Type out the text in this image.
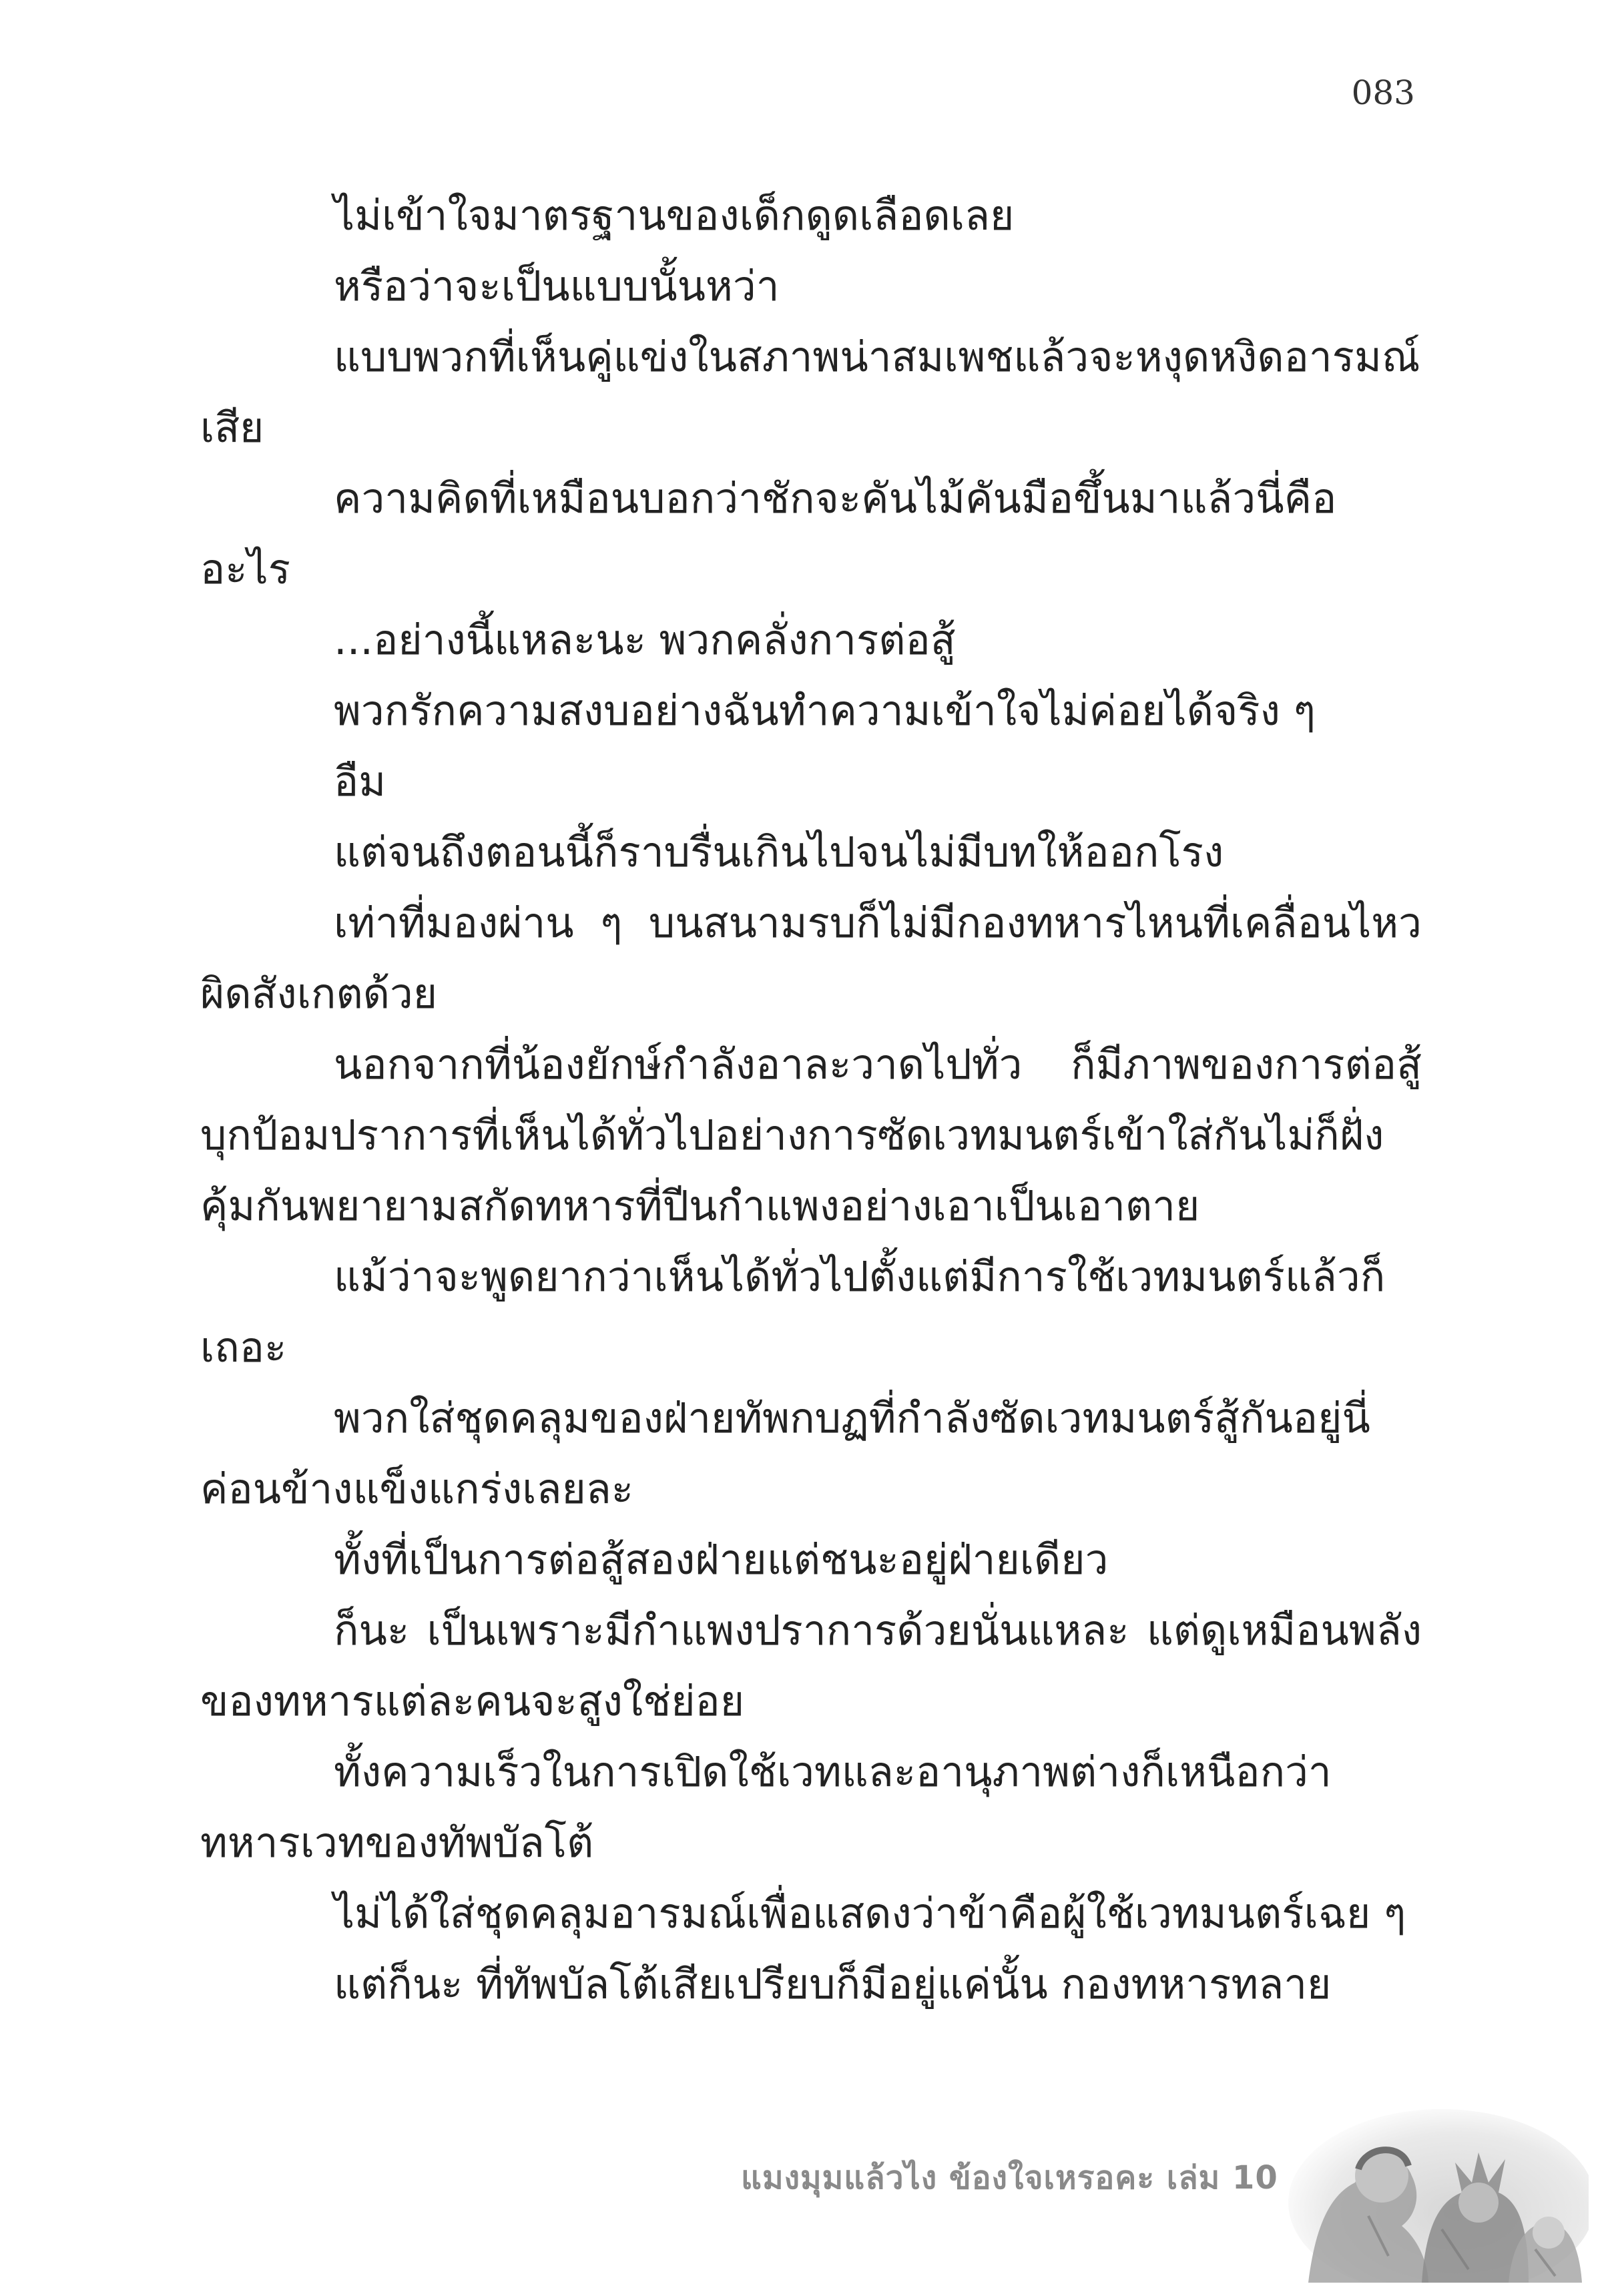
083

ไม่เข้าใจมาตรฐานของเด็กดูดเลือดเลย

หรือว่าจะเป็นแบบนั้นหว่า

แบบพวกที่เห็นคู่แข่งในสภาพน่าสมเพชแล้วจะหงุดหงิดอารมณ์เสีย

ความคิดที่เหมือนบอกว่าชักจะคันไม้คันมือขึ้นมาแล้วนี่คืออะไร

...อย่างนี้แหละนะ พวกคลั่งการต่อสู้

พวกรักความสงบอย่างฉันทำความเข้าใจไม่ค่อยได้จริง ๆ

อืม

แต่จนถึงตอนนี้ก็ราบรื่นเกินไปจนไม่มีบทให้ออกโรง

เท่าที่มองผ่าน ๆ บนสนามรบก็ไม่มีกองทหารไหนที่เคลื่อนไหวผิดสังเกตด้วย

นอกจากที่น้องยักษ์กำลังอาละวาดไปทั่ว ก็มีภาพของการต่อสู้บุกป้อมปราการที่เห็นได้ทั่วไปอย่างการซัดเวทมนตร์เข้าใส่กันไม่ก็ฝั่งคุ้มกันพยายามสกัดทหารที่ปีนกำแพงอย่างเอาเป็นเอาตาย

แม้ว่าจะพูดยากว่าเห็นได้ทั่วไปตั้งแต่มีการใช้เวทมนตร์แล้วก็เถอะ

พวกใส่ชุดคลุมของฝ่ายทัพกบฏที่กำลังซัดเวทมนตร์สู้กันอยู่นี่ค่อนข้างแข็งแกร่งเลยละ

ทั้งที่เป็นการต่อสู้สองฝ่ายแต่ชนะอยู่ฝ่ายเดียว

ก็นะ เป็นเพราะมีกำแพงปราการด้วยนั่นแหละ แต่ดูเหมือนพลังของทหารแต่ละคนจะสูงใช่ย่อย

ทั้งความเร็วในการเปิดใช้เวทและอานุภาพต่างก็เหนือกว่าทหารเวทของทัพบัลโต้

ไม่ได้ใส่ชุดคลุมอารมณ์เพื่อแสดงว่าข้าคือผู้ใช้เวทมนตร์เฉย ๆ

แต่ก็นะ ที่ทัพบัลโต้เสียเปรียบก็มีอยู่แค่นั้น กองทหารทลาย

แมงมุมแล้วไง ข้องใจเหรอคะ เล่ม 10
